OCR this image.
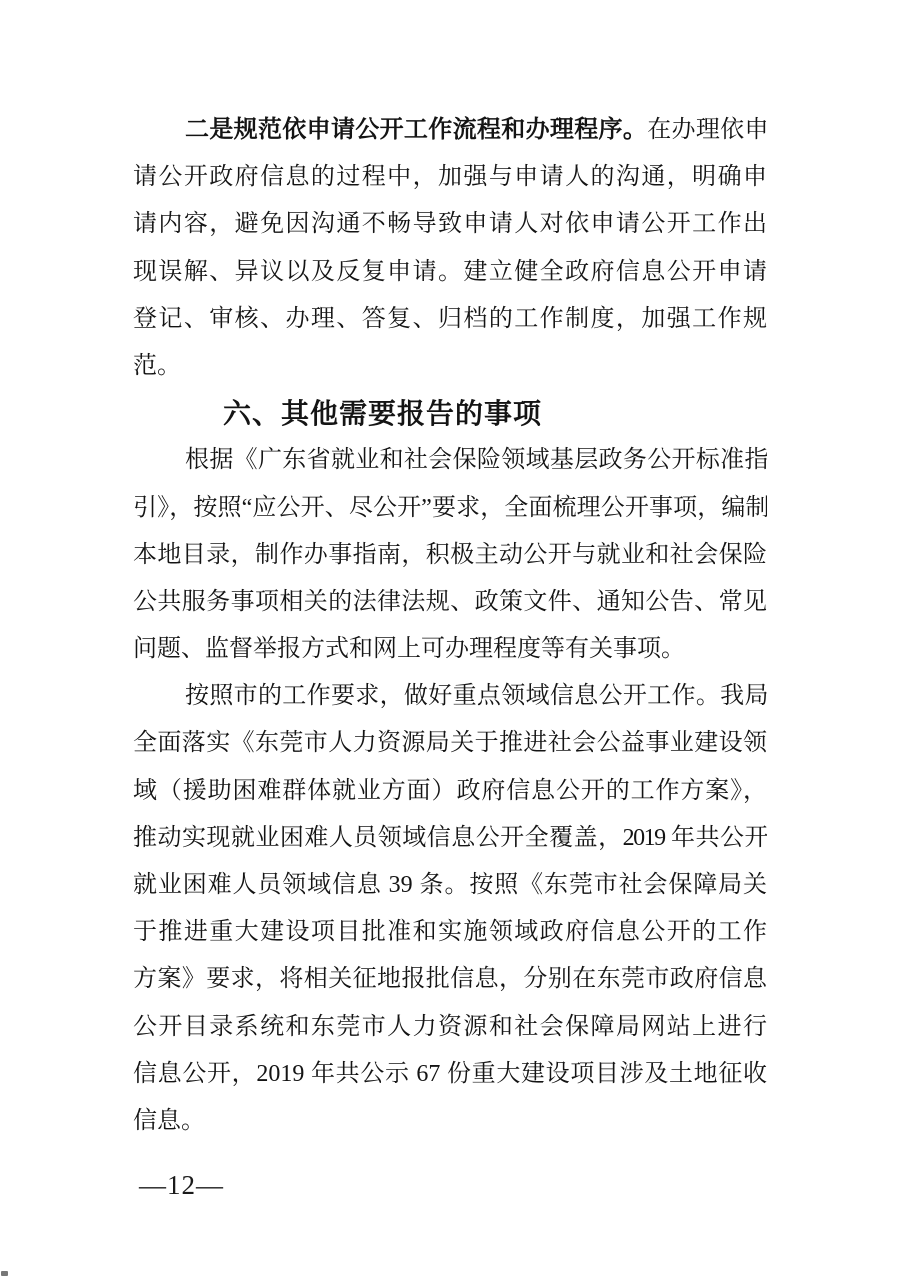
二是规范依申请公开工作流程和办理程序。在办理依申
请公开政府信息的过程中，加强与申请人的沟通，明确申
请内容，避免因沟通不畅导致申请人对依申请公开工作出
现误解、异议以及反复申请。建立健全政府信息公开申请
登记、审核、办理、答复、归档的工作制度，加强工作规
范。
六、其他需要报告的事项
根据《广东省就业和社会保险领域基层政务公开标准指
引》，按照“应公开、尽公开”要求，全面梳理公开事项，编制
本地目录，制作办事指南，积极主动公开与就业和社会保险
公共服务事项相关的法律法规、政策文件、通知公告、常见
问题、监督举报方式和网上可办理程度等有关事项。
按照市的工作要求，做好重点领域信息公开工作。我局
全面落实《东莞市人力资源局关于推进社会公益事业建设领
域（援助困难群体就业方面）政府信息公开的工作方案》，
推动实现就业困难人员领域信息公开全覆盖，2019 年共公开
就业困难人员领域信息 39 条。按照《东莞市社会保障局关
于推进重大建设项目批准和实施领域政府信息公开的工作
方案》要求，将相关征地报批信息，分别在东莞市政府信息
公开目录系统和东莞市人力资源和社会保障局网站上进行
信息公开，2019 年共公示 67 份重大建设项目涉及土地征收
信息。
—12—
